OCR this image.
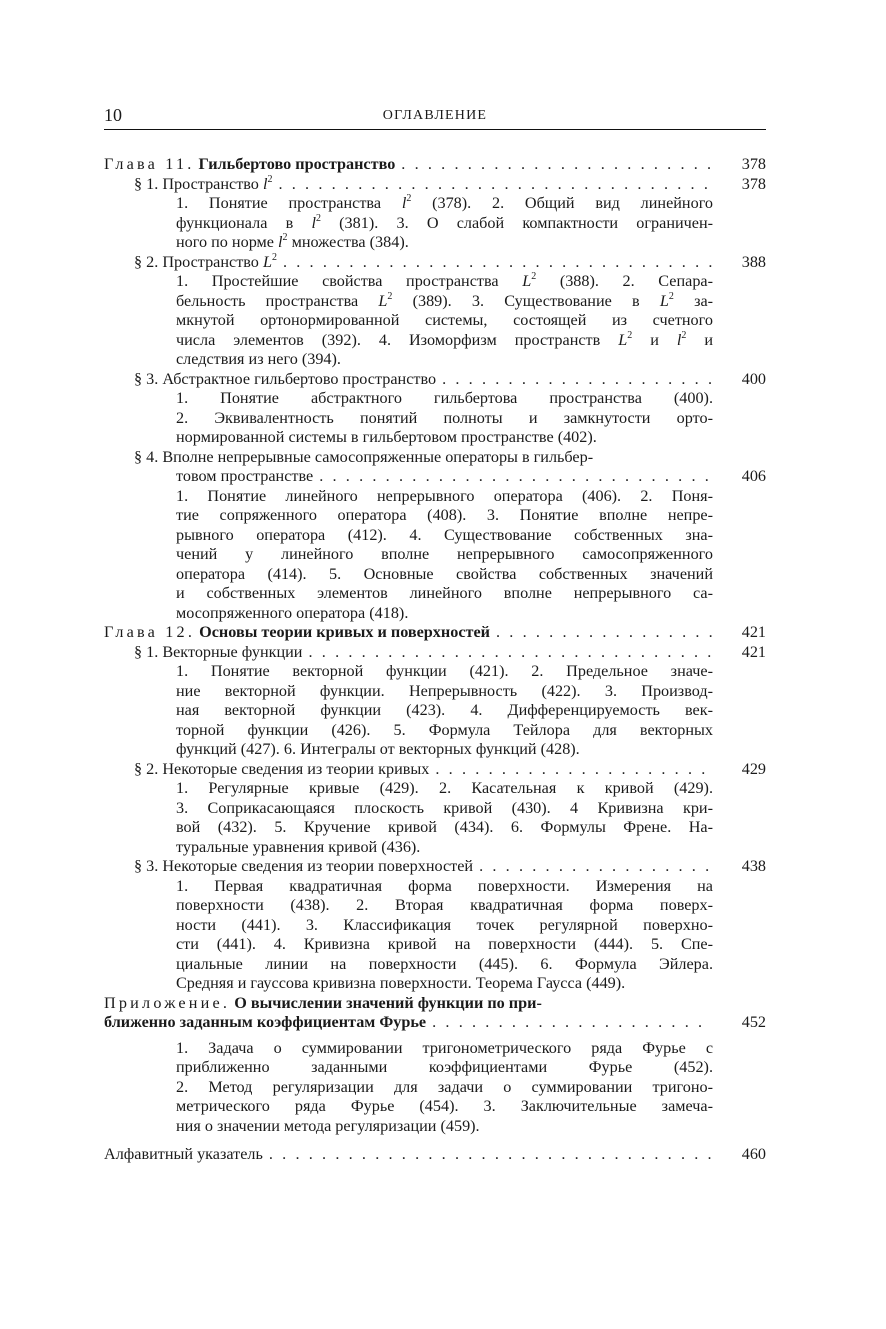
10	ОГЛАВЛЕНИЕ
Глава 11. Гильбертово пространство . . .	378
§ 1. Пространство $l^2$ . . .	378
1. Понятие пространства $l^2$ (378). 2. Общий вид линейного
функционала в $l^2$ (381). 3. О слабой компактности ограничен-
ного по норме $l^2$ множества (384).
§ 2. Пространство $L^2$ . . .	388
1. Простейшие свойства пространства $L^2$ (388). 2. Сепара-
бельность пространства $L^2$ (389). 3. Существование в $L^2$ за-
мкнутой ортонормированной системы, состоящей из счетного
числа элементов (392). 4. Изоморфизм пространств $L^2$ и $l^2$ и
следствия из него (394).
§ 3. Абстрактное гильбертово пространство . . .	400
1. Понятие абстрактного гильбертова пространства (400).
2. Эквивалентность понятий полноты и замкнутости орто-
нормированной системы в гильбертовом пространстве (402).
§ 4. Вполне непрерывные самосопряженные операторы в гильбер-
товом пространстве . . .	406
1. Понятие линейного непрерывного оператора (406). 2. Поня-
тие сопряженного оператора (408). 3. Понятие вполне непре-
рывного оператора (412). 4. Существование собственных зна-
чений у линейного вполне непрерывного самосопряженного
оператора (414). 5. Основные свойства собственных значений
и собственных элементов линейного вполне непрерывного са-
мосопряженного оператора (418).
Глава 12. Основы теории кривых и поверхностей . . .	421
§ 1. Векторные функции . . .	421
1. Понятие векторной функции (421). 2. Предельное значе-
ние векторной функции. Непрерывность (422). 3. Производ-
ная векторной функции (423). 4. Дифференцируемость век-
торной функции (426). 5. Формула Тейлора для векторных
функций (427). 6. Интегралы от векторных функций (428).
§ 2. Некоторые сведения из теории кривых . . .	429
1. Регулярные кривые (429). 2. Касательная к кривой (429).
3. Соприкасающаяся плоскость кривой (430). 4 Кривизна кри-
вой (432). 5. Кручение кривой (434). 6. Формулы Френе. На-
туральные уравнения кривой (436).
§ 3. Некоторые сведения из теории поверхностей . . .	438
1. Первая квадратичная форма поверхности. Измерения на
поверхности (438). 2. Вторая квадратичная форма поверх-
ности (441). 3. Классификация точек регулярной поверхно-
сти (441). 4. Кривизна кривой на поверхности (444). 5. Спе-
циальные линии на поверхности (445). 6. Формула Эйлера.
Средняя и гауссова кривизна поверхности. Теорема Гаусса (449).
Приложение. О вычислении значений функции по при-
ближенно заданным коэффициентам Фурье . . .	452
1. Задача о суммировании тригонометрического ряда Фурье с
приближенно заданными коэффициентами Фурье (452).
2. Метод регуляризации для задачи о суммировании тригоно-
метрического ряда Фурье (454). 3. Заключительные замеча-
ния о значении метода регуляризации (459).
Алфавитный указатель . . .	460
